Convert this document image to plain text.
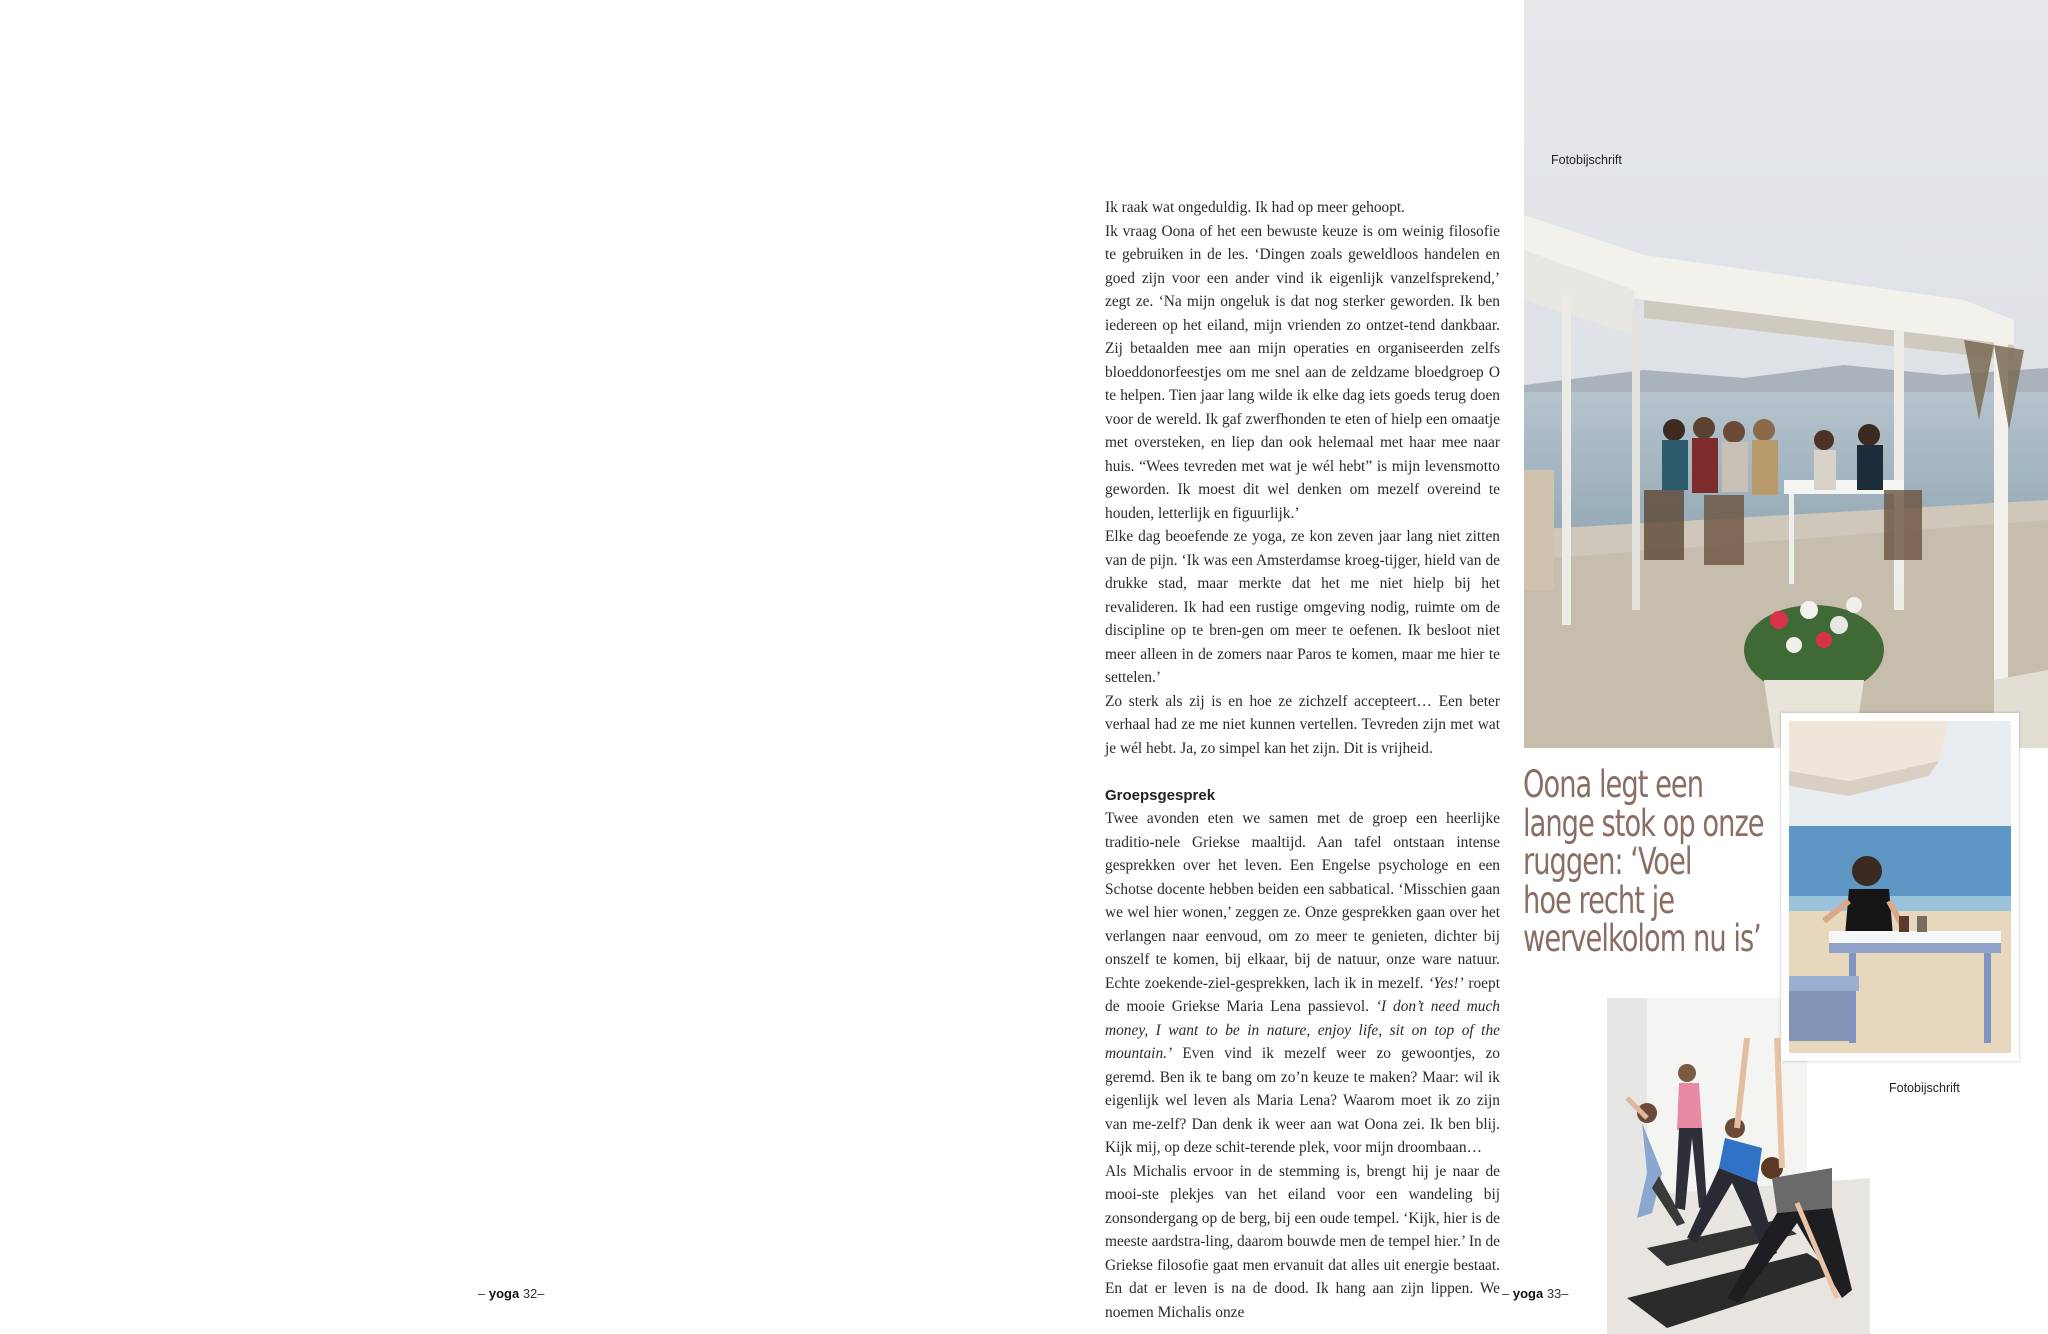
Fotobijschrift

Ik raak wat ongeduldig. Ik had op meer gehoopt.

Ik vraag Oona of het een bewuste keuze is om weinig filosofie te gebruiken in de les. ‘Dingen zoals geweldloos handelen en goed zijn voor een ander vind ik eigenlijk vanzelfsprekend,’ zegt ze. ‘Na mijn ongeluk is dat nog sterker geworden. Ik ben iedereen op het eiland, mijn vrienden zo ontzet-tend dankbaar. Zij betaalden mee aan mijn operaties en organiseerden zelfs bloeddonorfeestjes om me snel aan de zeldzame bloedgroep O te helpen. Tien jaar lang wilde ik elke dag iets goeds terug doen voor de wereld. Ik gaf zwerfhonden te eten of hielp een omaatje met oversteken, en liep dan ook helemaal met haar mee naar huis. “Wees tevreden met wat je wél hebt” is mijn levensmotto geworden. Ik moest dit wel denken om mezelf overeind te houden, letterlijk en figuurlijk.’

Elke dag beoefende ze yoga, ze kon zeven jaar lang niet zitten van de pijn. ‘Ik was een Amsterdamse kroeg-tijger, hield van de drukke stad, maar merkte dat het me niet hielp bij het revalideren. Ik had een rustige omgeving nodig, ruimte om de discipline op te bren-gen om meer te oefenen. Ik besloot niet meer alleen in de zomers naar Paros te komen, maar me hier te settelen.’

Zo sterk als zij is en hoe ze zichzelf accepteert… Een beter verhaal had ze me niet kunnen vertellen. Tevreden zijn met wat je wél hebt. Ja, zo simpel kan het zijn. Dit is vrijheid.

Groepsgesprek

Twee avonden eten we samen met de groep een heerlijke traditio-nele Griekse maaltijd. Aan tafel ontstaan intense gesprekken over het leven. Een Engelse psychologe en een Schotse docente hebben beiden een sabbatical. ‘Misschien gaan we wel hier wonen,’ zeggen ze. Onze gesprekken gaan over het verlangen naar eenvoud, om zo meer te genieten, dichter bij onszelf te komen, bij elkaar, bij de natuur, onze ware natuur. Echte zoekende-ziel-gesprekken, lach ik in mezelf. ‘Yes!’ roept de mooie Griekse Maria Lena passievol. ‘I don’t need much money, I want to be in nature, enjoy life, sit on top of the mountain.’ Even vind ik mezelf weer zo gewoontjes, zo geremd. Ben ik te bang om zo’n keuze te maken? Maar: wil ik eigenlijk wel leven als Maria Lena? Waarom moet ik zo zijn van me-zelf? Dan denk ik weer aan wat Oona zei. Ik ben blij. Kijk mij, op deze schit-terende plek, voor mijn droombaan…

Als Michalis ervoor in de stemming is, brengt hij je naar de mooi-ste plekjes van het eiland voor een wandeling bij zonsondergang op de berg, bij een oude tempel. ‘Kijk, hier is de meeste aardstra-ling, daarom bouwde men de tempel hier.’ In de Griekse filosofie gaat men ervanuit dat alles uit energie bestaat. En dat er leven is na de dood. Ik hang aan zijn lippen. We noemen Michalis onze

Oona legt een
lange stok op onze
ruggen: ‘Voel
hoe recht je
wervelkolom nu is’
Fotobijschrift
– yoga 32–	– yoga 33–
